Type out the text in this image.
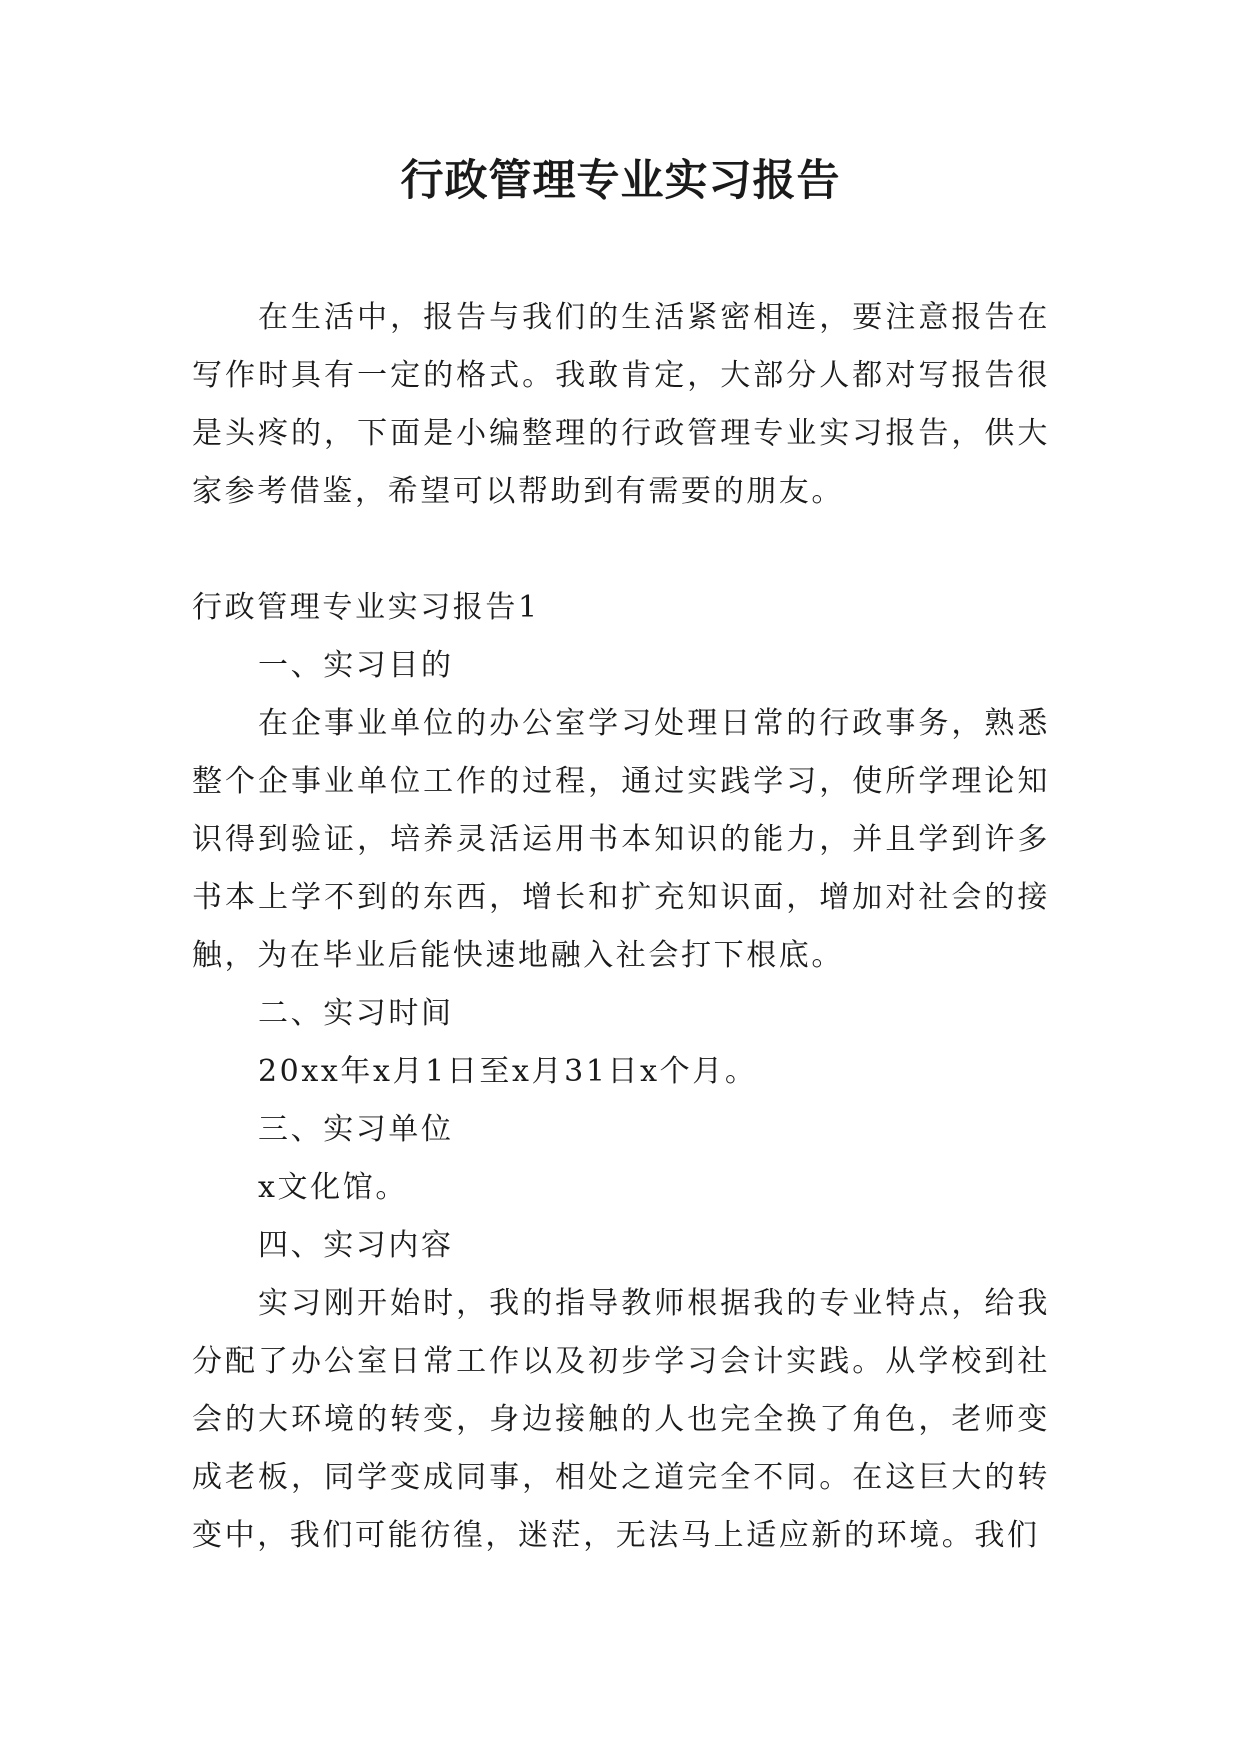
行政管理专业实习报告

在生活中，报告与我们的生活紧密相连，要注意报告在写作时具有一定的格式。我敢肯定，大部分人都对写报告很是头疼的，下面是小编整理的行政管理专业实习报告，供大家参考借鉴，希望可以帮助到有需要的朋友。

行政管理专业实习报告1

一、实习目的

在企事业单位的办公室学习处理日常的行政事务，熟悉整个企事业单位工作的过程，通过实践学习，使所学理论知识得到验证，培养灵活运用书本知识的能力，并且学到许多书本上学不到的东西，增长和扩充知识面，增加对社会的接触，为在毕业后能快速地融入社会打下根底。

二、实习时间

20xx年x月1日至x月31日x个月。

三、实习单位

x文化馆。

四、实习内容

实习刚开始时，我的指导教师根据我的专业特点，给我分配了办公室日常工作以及初步学习会计实践。从学校到社会的大环境的转变，身边接触的人也完全换了角色，老师变成老板，同学变成同事，相处之道完全不同。在这巨大的转变中，我们可能彷徨，迷茫，无法马上适应新的环境。我们
